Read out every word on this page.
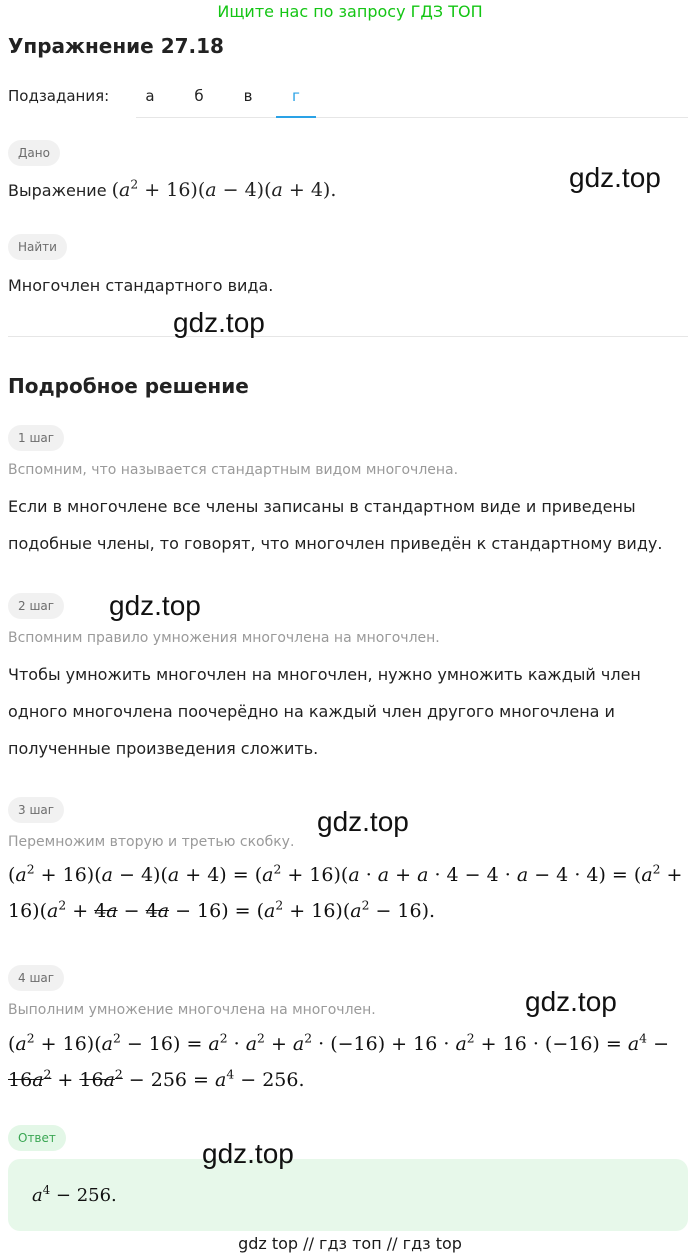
Ищите нас по запросу ГДЗ ТОП
Упражнение 27.18
Подзадания:	а	б	в	г
Дано
Выражение $(a^2 + 16)(a - 4)(a + 4)$.
Найти
Многочлен стандартного вида.
Подробное решение
1 шаг
Вспомним, что называется стандартным видом многочлена.
Если в многочлене все члены записаны в стандартном виде и приведены
подобные члены, то говорят, что многочлен приведён к стандартному виду.
2 шаг
Вспомним правило умножения многочлена на многочлен.
Чтобы умножить многочлен на многочлен, нужно умножить каждый член
одного многочлена поочерёдно на каждый член другого многочлена и
полученные произведения сложить.
3 шаг
Перемножим вторую и третью скобку.
$(a^2 + 16)(a - 4)(a + 4) = (a^2 + 16)(a \cdot a + a \cdot 4 - 4 \cdot a - 4 \cdot 4) = (a^2$ +
$16)(a^2 + 4a - 4a - 16) = (a^2 + 16)(a^2 - 16)$.
4 шаг
Выполним умножение многочлена на многочлен.
$(a^2 + 16)(a^2 - 16) = a^2 \cdot a^2 + a^2 \cdot (-16) + 16 \cdot a^2 + 16 \cdot (-16) = a^4$ −
$16a^2 + 16a^2 - 256 = a^4 - 256$.
Ответ
$a^4 - 256$.
gdz.top
gdz.top
gdz.top
gdz.top
gdz.top
gdz.top
gdz top // гдз топ // гдз top
